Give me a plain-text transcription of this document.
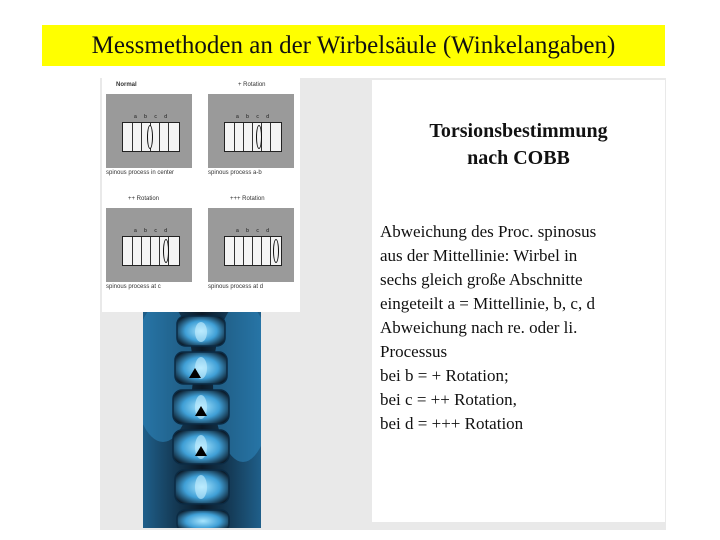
Messmethoden an der Wirbelsäule (Winkelangaben)
Torsionsbestimmung
nach COBB
Abweichung des Proc. spinosus
aus der Mittellinie: Wirbel in
sechs gleich große Abschnitte
eingeteilt a = Mittellinie, b, c, d
Abweichung nach re. oder li.
Processus
bei b = + Rotation;
bei c = ++ Rotation,
bei d = +++ Rotation
Normal
a b c d
spinous process in center
+ Rotation
a b c d
spinous process a-b
++ Rotation
a b c d
spinous process at c
+++ Rotation
a b c d
spinous process at d
